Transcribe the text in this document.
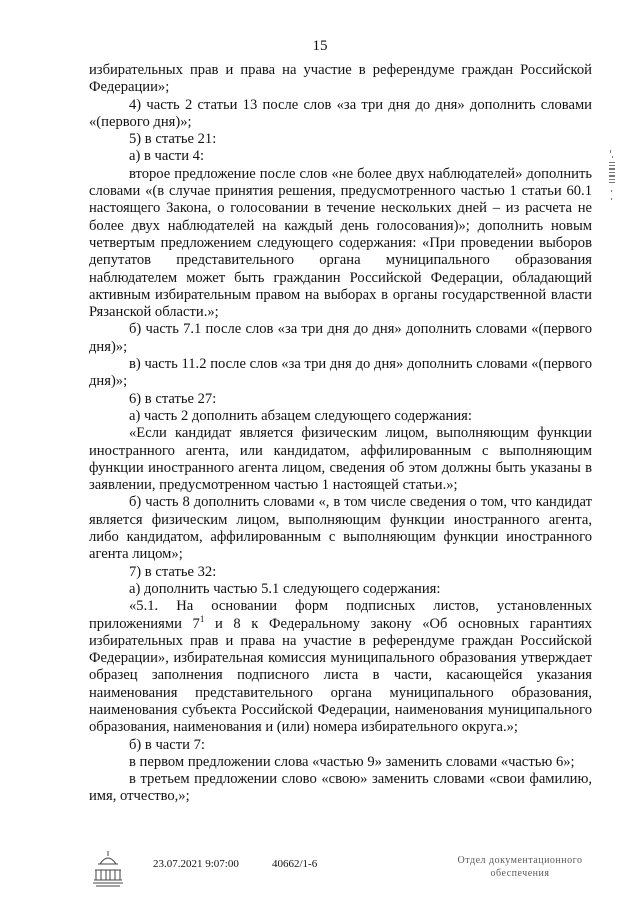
15

избирательных прав и права на участие в референдуме граждан Российской Федерации»;

4) часть 2 статьи 13 после слов «за три дня до дня» дополнить словами «(первого дня)»;

5) в статье 21:

а) в части 4:

второе предложение после слов «не более двух наблюдателей» дополнить словами «(в случае принятия решения, предусмотренного частью 1 статьи 60.1 настоящего Закона, о голосовании в течение нескольких дней – из расчета не более двух наблюдателей на каждый день голосования)»; дополнить новым четвертым предложением следующего содержания: «При проведении выборов депутатов представительного органа муниципального образования наблюдателем может быть гражданин Российской Федерации, обладающий активным избирательным правом на выборах в органы государственной власти Рязанской области.»;

б) часть 7.1 после слов «за три дня до дня» дополнить словами «(первого дня)»;

в) часть 11.2 после слов «за три дня до дня» дополнить словами «(первого дня)»;

6) в статье 27:

а) часть 2 дополнить абзацем следующего содержания:

«Если кандидат является физическим лицом, выполняющим функции иностранного агента, или кандидатом, аффилированным с выполняющим функции иностранного агента лицом, сведения об этом должны быть указаны в заявлении, предусмотренном частью 1 настоящей статьи.»;

б) часть 8 дополнить словами «, в том числе сведения о том, что кандидат является физическим лицом, выполняющим функции иностранного агента, либо кандидатом, аффилированным с выполняющим функции иностранного агента лицом»;

7) в статье 32:

а) дополнить частью 5.1 следующего содержания:

«5.1. На основании форм подписных листов, установленных приложениями $7^1$ и 8 к Федеральному закону «Об основных гарантиях избирательных прав и права на участие в референдуме граждан Российской Федерации», избирательная комиссия муниципального образования утверждает образец заполнения подписного листа в части, касающейся указания наименования представительного органа муниципального образования, наименования субъекта Российской Федерации, наименования муниципального образования, наименования и (или) номера избирательного округа.»;

б) в части 7:

в первом предложении слова «частью 9» заменить словами «частью 6»;

в третьем предложении слово «свою» заменить словами «свои фамилию, имя, отчество,»;

23.07.2021 9:07:00	40662/1-6	Отдел документационного
обеспечения
